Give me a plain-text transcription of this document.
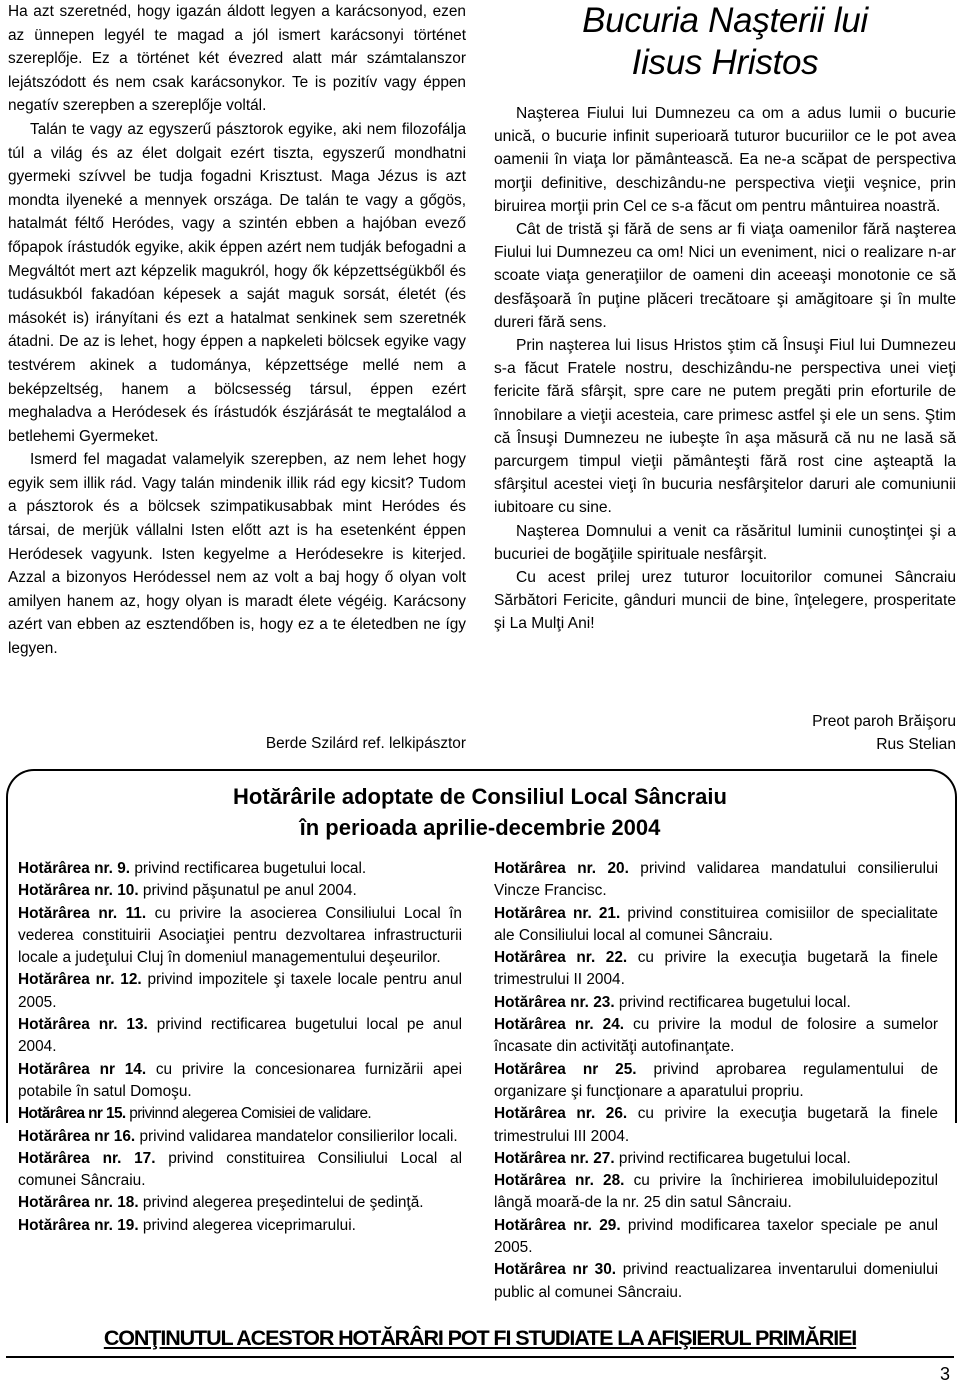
Ha azt szeretnéd, hogy igazán áldott legyen a karácsonyod, ezen az ünnepen legyél te magad a jól ismert karácsonyi történet szereplője. Ez a történet két évezred alatt már számtalanszor lejátszódott és nem csak karácsonykor. Te is pozitív vagy éppen negatív szerepben a szereplője voltál.

Talán te vagy az egyszerű pásztorok egyike, aki nem filozofálja túl a világ és az élet dolgait ezért tiszta, egyszerű mondhatni gyermeki szívvel be tudja fogadni Krisztust. Maga Jézus is azt mondta ilyeneké a mennyek országa. De talán te vagy a gőgös, hatalmát féltő Heródes, vagy a szintén ebben a hajóban evező főpapok írástudók egyike, akik éppen azért nem tudják befogadni a Megváltót mert azt képzelik magukról, hogy ők képzettségükből és tudásukból fakadóan képesek a saját maguk sorsát, életét (és másokét is) irányítani és ezt a hatalmat senkinek sem szeretnék átadni. De az is lehet, hogy éppen a napkeleti bölcsek egyike vagy testvérem akinek a tudománya, képzettsége mellé nem a beképzeltség, hanem a bölcsesség társul, éppen ezért meghaladva a Heródesek és írástudók észjárását te megtalálod a betlehemi Gyermeket.

Ismerd fel magadat valamelyik szerepben, az nem lehet hogy egyik sem illik rád. Vagy talán mindenik illik rád egy kicsit? Tudom a pásztorok és a bölcsek szimpatikusabbak mint Heródes és társai, de merjük vállalni Isten előtt azt is ha esetenként éppen Heródesek vagyunk. Isten kegyelme a Heródesekre is kiterjed. Azzal a bizonyos Heródessel nem az volt a baj hogy ő olyan volt amilyen hanem az, hogy olyan is maradt élete végéig. Karácsony azért van ebben az esztendőben is, hogy ez a te életedben ne így legyen.

Berde Szilárd ref. lelkipásztor
Bucuria Naşterii lui
Iisus Hristos

Naşterea Fiului lui Dumnezeu ca om a adus lumii o bucurie unică, o bucurie infinit superioară tuturor bucuriilor ce le pot avea oamenii în viaţa lor pământească. Ea ne-a scăpat de perspectiva morţii definitive, deschizându-ne perspectiva vieţii veşnice, prin biruirea morţii prin Cel ce s-a făcut om pentru mântuirea noastră.

Cât de tristă şi fără de sens ar fi viaţa oamenilor fără naşterea Fiului lui Dumnezeu ca om! Nici un eveniment, nici o realizare n-ar scoate viaţa generaţiilor de oameni din aceeaşi monotonie ce să desfăşoară în puţine plăceri trecătoare şi amăgitoare şi în multe dureri fără sens.

Prin naşterea lui Iisus Hristos ştim că Însuşi Fiul lui Dumnezeu s-a făcut Fratele nostru, deschizându-ne perspectiva unei vieţi fericite fără sfârşit, spre care ne putem pregăti prin eforturile de înnobilare a vieţii acesteia, care primesc astfel şi ele un sens. Ştim că Însuşi Dumnezeu ne iubeşte în aşa măsură că nu ne lasă să parcurgem timpul vieţii pământeşti fără rost cine aşteaptă la sfârşitul acestei vieţi în bucuria nesfârşitelor daruri ale comuniunii iubitoare cu sine.

Naşterea Domnului a venit ca răsăritul luminii cunoştinţei şi a bucuriei de bogăţiile spirituale nesfârşit.

Cu acest prilej urez tuturor locuitorilor comunei Sâncraiu Sărbători Fericite, gânduri muncii de bine, înţelegere, prosperitate şi La Mulţi Ani!

Preot paroh Brăişoru
Rus Stelian
Hotărârile adoptate de Consiliul Local Sâncraiu
în perioada aprilie-decembrie 2004

Hotărârea nr. 9. privind rectificarea bugetului local.

Hotărârea nr. 10. privind păşunatul pe anul 2004.

Hotărârea nr. 11. cu privire la asocierea Consiliului Local în vederea constituirii Asociaţiei pentru dezvoltarea infrastructurii locale a judeţului Cluj în domeniul managementului deşeurilor.

Hotărârea nr. 12. privind impozitele şi taxele locale pentru anul 2005.

Hotărârea nr. 13. privind rectificarea bugetului local pe anul 2004.

Hotărârea nr 14. cu privire la concesionarea furnizării apei potabile în satul Domoşu.

Hotărârea nr 15. privinnd alegerea Comisiei de validare.

Hotărârea nr 16. privind validarea mandatelor consilierilor locali.

Hotărârea nr. 17. privind constituirea Consiliului Local al comunei Sâncraiu.

Hotărârea nr. 18. privind alegerea preşedintelui de şedinţă.

Hotărârea nr. 19. privind alegerea viceprimarului.

Hotărârea nr. 20. privind validarea mandatului consilierului Vincze Francisc.

Hotărârea nr. 21. privind constituirea comisiilor de specialitate ale Consiliului local al comunei Sâncraiu.

Hotărârea nr. 22. cu privire la execuţia bugetară la finele trimestrului II 2004.

Hotărârea nr. 23. privind rectificarea bugetului local.

Hotărârea nr. 24. cu privire la modul de folosire a sumelor încasate din activităţi autofinanţate.

Hotărârea nr 25. privind aprobarea regulamentului de organizare şi funcţionare a aparatului propriu.

Hotărârea nr. 26. cu privire la execuţia bugetară la finele trimestrului III 2004.

Hotărârea nr. 27. privind rectificarea bugetului local.

Hotărârea nr. 28. cu privire la închirierea imobiluluidepozitul lângă moară-de la nr. 25 din satul Sâncraiu.

Hotărârea nr. 29. privind modificarea taxelor speciale pe anul 2005.

Hotărârea nr 30. privind reactualizarea inventarului domeniului public al comunei Sâncraiu.

CONŢINUTUL ACESTOR HOTĂRÂRI POT FI STUDIATE LA AFIŞIERUL PRIMĂRIEI
3
